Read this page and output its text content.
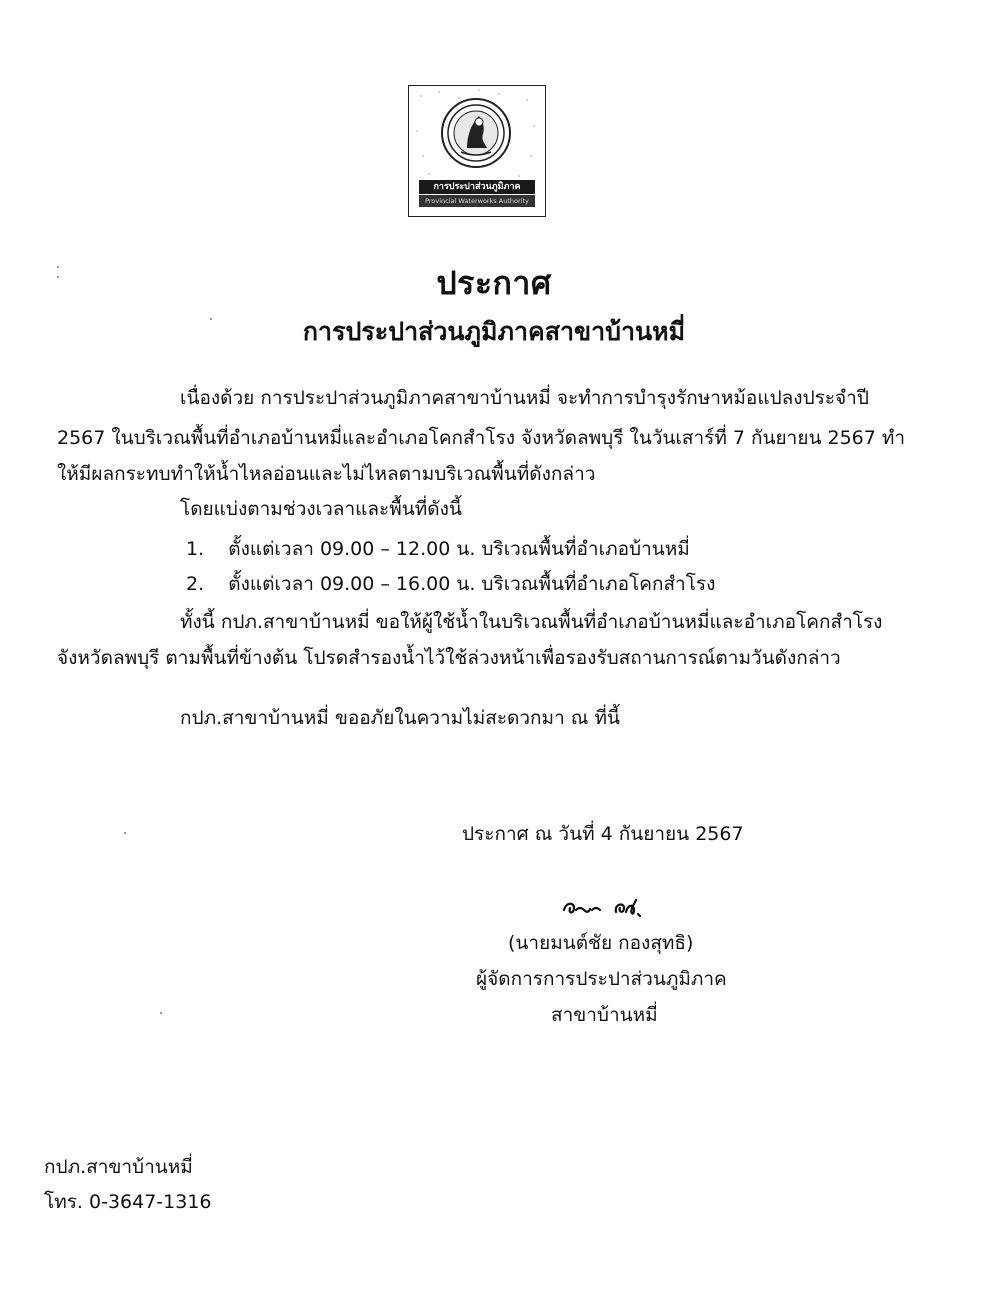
การประปาส่วนภูมิภาค
Provincial Waterworks Authority
ประกาศ
การประปาส่วนภูมิภาคสาขาบ้านหมี่
เนื่องด้วย การประปาส่วนภูมิภาคสาขาบ้านหมี่ จะทำการบำรุงรักษาหม้อแปลงประจำปี
2567 ในบริเวณพื้นที่อำเภอบ้านหมี่และอำเภอโคกสำโรง จังหวัดลพบุรี ในวันเสาร์ที่ 7 กันยายน 2567 ทำ
ให้มีผลกระทบทำให้น้ำไหลอ่อนและไม่ไหลตามบริเวณพื้นที่ดังกล่าว
โดยแบ่งตามช่วงเวลาและพื้นที่ดังนี้
1. ตั้งแต่เวลา 09.00 – 12.00 น. บริเวณพื้นที่อำเภอบ้านหมี่
2. ตั้งแต่เวลา 09.00 – 16.00 น. บริเวณพื้นที่อำเภอโคกสำโรง
ทั้งนี้ กปภ.สาขาบ้านหมี่ ขอให้ผู้ใช้น้ำในบริเวณพื้นที่อำเภอบ้านหมี่และอำเภอโคกสำโรง
จังหวัดลพบุรี ตามพื้นที่ข้างต้น โปรดสำรองน้ำไว้ใช้ล่วงหน้าเพื่อรองรับสถานการณ์ตามวันดังกล่าว
กปภ.สาขาบ้านหมี่ ขออภัยในความไม่สะดวกมา ณ ที่นี้
ประกาศ ณ วันที่ 4 กันยายน 2567
(นายมนต์ชัย กองสุทธิ)
ผู้จัดการการประปาส่วนภูมิภาค
สาขาบ้านหมี่
กปภ.สาขาบ้านหมี่
โทร. 0-3647-1316
